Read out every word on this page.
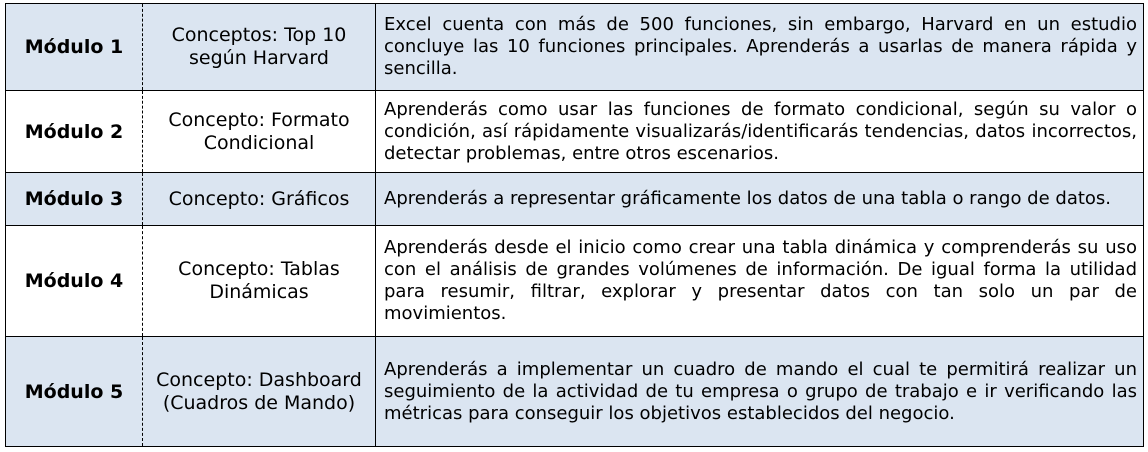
Módulo 1	Conceptos: Top 10 según Harvard	Excel cuenta con más de 500 funciones, sin embargo, Harvard en un estudio concluye las 10 funciones principales. Aprenderás a usarlas de manera rápida y sencilla.
Módulo 2	Concepto: Formato Condicional	Aprenderás como usar las funciones de formato condicional, según su valor o condición, así rápidamente visualizarás/identificarás tendencias, datos incorrectos, detectar problemas, entre otros escenarios.
Módulo 3	Concepto: Gráficos	Aprenderás a representar gráficamente los datos de una tabla o rango de datos.
Módulo 4	Concepto: Tablas Dinámicas	Aprenderás desde el inicio como crear una tabla dinámica y comprenderás su uso con el análisis de grandes volúmenes de información. De igual forma la utilidad para resumir, filtrar, explorar y presentar datos con tan solo un par de movimientos.
Módulo 5	Concepto: Dashboard (Cuadros de Mando)	Aprenderás a implementar un cuadro de mando el cual te permitirá realizar un seguimiento de la actividad de tu empresa o grupo de trabajo e ir verificando las métricas para conseguir los objetivos establecidos del negocio.
